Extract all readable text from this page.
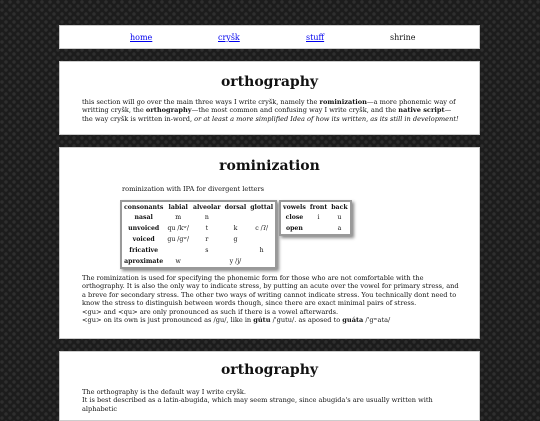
home	cryšk	stuff	shrine
orthography

this section will go over the main three ways I write cryšk, namely the rominization—a more phonemic way of writting cryšk, the orthography—the most common and confusing way I write cryšk, and the native script—the way cryšk is written in-word, or at least a more simplified Idea of how its written, as its still in development!

rominization
rominization with IPA for divergent letters
consonants	labial	alveolar	dorsal	glottal
nasal	m	n		
unvoiced	qu /kʷ/	t	k	c /ʔ/
voiced	gu /gʷ/	r	g	
fricative		s		h
aproximate	w		y /j/	
vowels	front	back
close	i	u
open		a

The rominization is used for specifying the phonemic form for those who are not comfortable with the orthography. It is also the only way to indicate stress, by putting an acute over the vowel for primary stress, and a breve for secondary stress. The other two ways of writing cannot indicate stress. You technically dont need to know the stress to distinguish between words though, since there are exact minimal pairs of stress.

<gu> and <qu> are only pronounced as such if there is a vowel afterwards.

<gu> on its own is just pronounced as /gu/, like in gútu /'gutu/. as aposed to guáta /'gʷata/

orthography

The orthography is the default way I write cryšk.

It is best described as a latin-abugida, which may seem strange, since abugida's are usually written with alphabetic
